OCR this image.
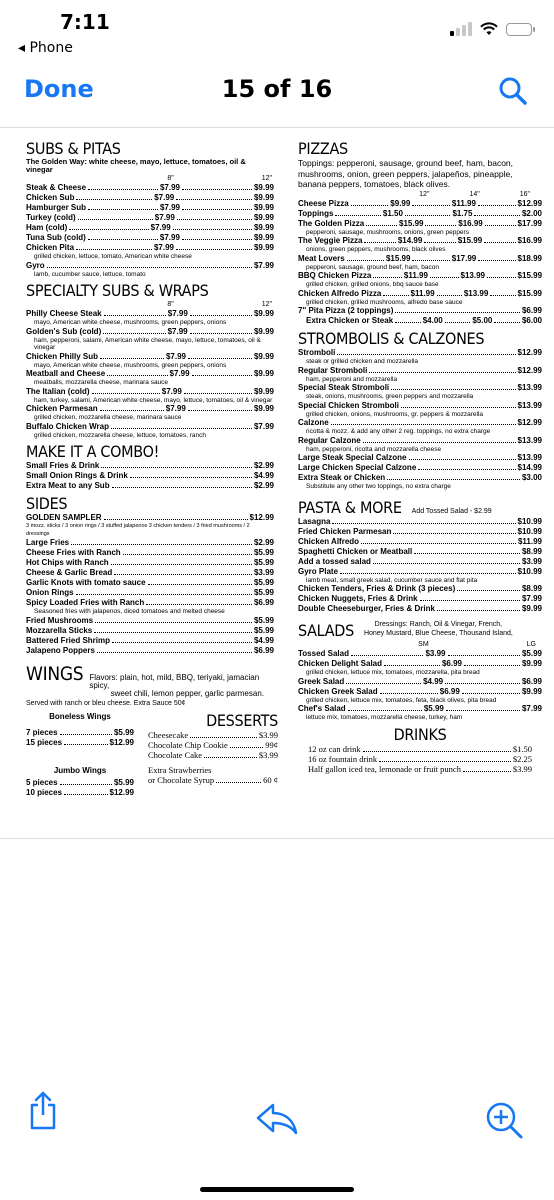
7:11
◂ Phone
Done	15 of 16
SUBS & PITAS
The Golden Way: white cheese, mayo, lettuce, tomatoes, oil & vinegar
8"	12"
Steak & Cheese	$7.99	$9.99
Chicken Sub	$7.99	$9.99
Hamburger Sub	$7.99	$9.99
Turkey (cold)	$7.99	$9.99
Ham (cold)	$7.99	$9.99
Tuna Sub (cold)	$7.99	$9.99
Chicken Pita	$7.99	$9.99
grilled chicken, lettuce, tomato, American white cheese
Gyro	$7.99
lamb, cucumber sauce, lettuce, tomato
SPECIALTY SUBS & WRAPS
8"	12"
Philly Cheese Steak	$7.99	$9.99
mayo, American white cheese, mushrooms, green peppers, onions
Golden's Sub (cold)	$7.99	$9.99
ham, pepperoni, salami, American white cheese, mayo, lettuce, tomatoes, oil & vinegar
Chicken Philly Sub	$7.99	$9.99
mayo, American white cheese, mushrooms, green peppers, onions
Meatball and Cheese	$7.99	$9.99
meatballs, mozzarella cheese, marinara sauce
The Italian (cold)	$7.99	$9.99
ham, turkey, salami, American white cheese, mayo, lettuce, tomatoes, oil & vinegar
Chicken Parmesan	$7.99	$9.99
grilled chicken, mozzarella cheese, marinara sauce
Buffalo Chicken Wrap	$7.99
grilled chicken, mozzarella cheese, lettuce, tomatoes, ranch
MAKE IT A COMBO!
Small Fries & Drink	$2.99
Small Onion Rings & Drink	$4.99
Extra Meat to any Sub	$2.99
SIDES
GOLDEN SAMPLER	$12.99
3 mozz. sticks / 3 onion rings / 3 stuffed jalapenos 3 chicken tenders / 3 fried mushrooms / 2 dressings
Large Fries	$2.99
Cheese Fries with Ranch	$5.99
Hot Chips with Ranch	$5.99
Cheese & Garlic Bread	$3.99
Garlic Knots with tomato sauce	$5.99
Onion Rings	$5.99
Spicy Loaded Fries with Ranch	$6.99
Seasoned fries with jalapenos, diced tomatoes and melted cheese
Fried Mushrooms	$5.99
Mozzarella Sticks	$5.99
Battered Fried Shrimp	$4.99
Jalapeno Poppers	$6.99
WINGS Flavors: plain, hot, mild, BBQ, teriyaki, jamacian spicy,
sweet chili, lemon pepper, garlic parmesan.
Served with ranch or bleu cheese. Extra Sauce 50¢
Boneless Wings
7 pieces	$5.99
15 pieces	$12.99
Jumbo Wings
5 pieces	$5.99
10 pieces	$12.99
DESSERTS
Cheesecake	$3.99
Chocolate Chip Cookie	99¢
Chocolate Cake	$3.99
Extra Strawberries
or Chocolate Syrup	60 ¢
PIZZAS
Toppings: pepperoni, sausage, ground beef, ham, bacon, mushrooms, onion, green peppers, jalapeños, pineapple, banana peppers, tomatoes, black olives.
12"	14"	16"
Cheese Pizza	$9.99	$11.99	$12.99
Toppings	$1.50	$1.75	$2.00
The Golden Pizza	$15.99	$16.99	$17.99
pepperoni, sausage, mushrooms, onions, green peppers
The Veggie Pizza	$14.99	$15.99	$16.99
onions, green peppers, mushrooms, black olives
Meat Lovers	$15.99	$17.99	$18.99
pepperoni, sausage, ground beef, ham, bacon
BBQ Chicken Pizza	$11.99	$13.99	$15.99
grilled chicken, grilled onions, bbq sauce base
Chicken Alfredo Pizza	$11.99	$13.99	$15.99
grilled chicken, grilled mushrooms, alfredo base sauce
7" Pita Pizza (2 toppings)	$6.99
Extra Chicken or Steak	$4.00	$5.00	$6.00
STROMBOLIS & CALZONES
Stromboli	$12.99
steak or grilled chicken and mozzarella
Regular Stromboli	$12.99
ham, pepperoni and mozzarella
Special Steak Stromboli	$13.99
steak, onions, mushrooms, green peppers and mozzarella
Special Chicken Stromboli	$13.99
grilled chicken, onions, mushrooms, gr. peppers & mozzarella
Calzone	$12.99
ricotta & mozz. & add any other 2 reg. toppings, no extra charge
Regular Calzone	$13.99
ham, pepperoni, ricotta and mozzarella cheese
Large Steak Special Calzone	$13.99
Large Chicken Special Calzone	$14.99
Extra Steak or Chicken	$3.00
Substitute any other two toppings, no extra charge
PASTA & MORE Add Tossed Salad - $2.99
Lasagna	$10.99
Fried Chicken Parmesan	$10.99
Chicken Alfredo	$11.99
Spaghetti Chicken or Meatball	$8.99
Add a tossed salad	$3.99
Gyro Plate	$10.99
lamb meat, small greek salad, cucumber sauce and flat pita
Chicken Tenders, Fries & Drink (3 pieces)	$8.99
Chicken Nuggets, Fries & Drink	$7.99
Double Cheeseburger, Fries & Drink	$9.99
SALADS	Dressings: Ranch, Oil & Vinegar, French,
Honey Mustard, Blue Cheese, Thousand Island,
SM	LG
Tossed Salad	$3.99	$5.99
Chicken Delight Salad	$6.99	$9.99
grilled chicken, lettuce mix, tomatoes, mozzarella, pita bread
Greek Salad	$4.99	$6.99
Chicken Greek Salad	$6.99	$9.99
grilled chicken, lettuce mix, tomatoes, feta, black olives, pita bread
Chef's Salad	$5.99	$7.99
lettuce mix, tomatoes, mozzarella cheese, turkey, ham
DRINKS
12 oz can drink	$1.50
16 oz fountain drink	$2.25
Half gallon iced tea, lemonade or fruit punch	$3.99
